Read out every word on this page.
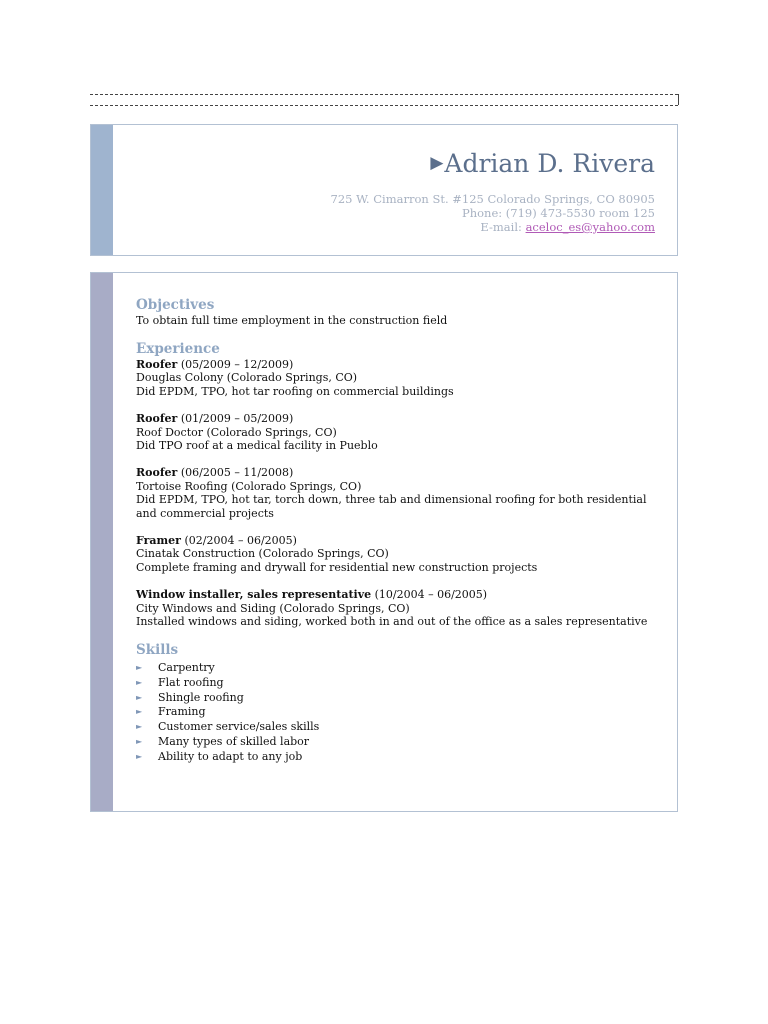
▶Adrian D. Rivera
725 W. Cimarron St. #125 Colorado Springs, CO 80905
Phone: (719) 473-5530 room 125
E-mail: aceloc_es@yahoo.com

Objectives

To obtain full time employment in the construction field

Experience

Roofer (05/2009 – 12/2009)

Douglas Colony (Colorado Springs, CO)

Did EPDM, TPO, hot tar roofing on commercial buildings

Roofer (01/2009 – 05/2009)

Roof Doctor (Colorado Springs, CO)

Did TPO roof at a medical facility in Pueblo

Roofer (06/2005 – 11/2008)

Tortoise Roofing (Colorado Springs, CO)

Did EPDM, TPO, hot tar, torch down, three tab and dimensional roofing for both residential and commercial projects

Framer (02/2004 – 06/2005)

Cinatak Construction (Colorado Springs, CO)

Complete framing and drywall for residential new construction projects

Window installer, sales representative (10/2004 – 06/2005)

City Windows and Siding (Colorado Springs, CO)

Installed windows and siding, worked both in and out of the office as a sales representative

Skills

► Carpentry
► Flat roofing
► Shingle roofing
► Framing
► Customer service/sales skills
► Many types of skilled labor
► Ability to adapt to any job
